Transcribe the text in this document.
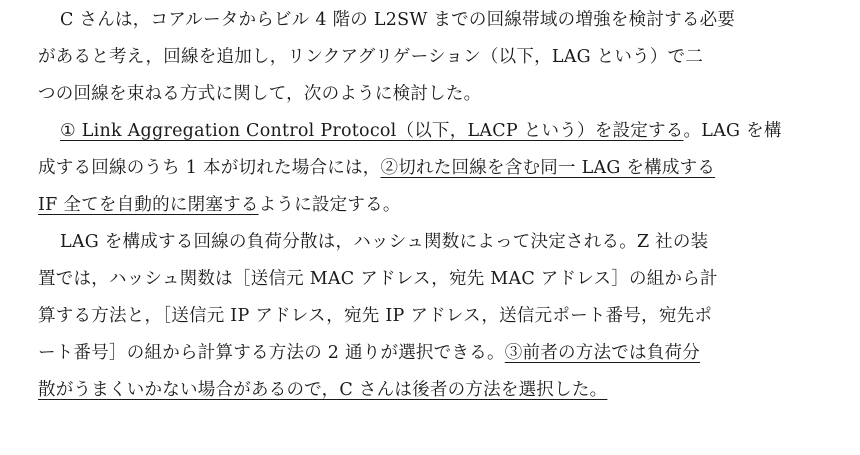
C さんは，コアルータからビル 4 階の L2SW までの回線帯域の増強を検討する必要
があると考え，回線を追加し，リンクアグリゲーション（以下，LAG という）で二
つの回線を束ねる方式に関して，次のように検討した。
① Link Aggregation Control Protocol（以下，LACP という）を設定する。LAG を構
成する回線のうち 1 本が切れた場合には，②切れた回線を含む同一 LAG を構成する
IF 全てを自動的に閉塞するように設定する。
LAG を構成する回線の負荷分散は，ハッシュ関数によって決定される。Z 社の装
置では，ハッシュ関数は［送信元 MAC アドレス，宛先 MAC アドレス］の組から計
算する方法と，［送信元 IP アドレス，宛先 IP アドレス，送信元ポート番号，宛先ポ
ート番号］の組から計算する方法の 2 通りが選択できる。③前者の方法では負荷分
散がうまくいかない場合があるので，C さんは後者の方法を選択した。
